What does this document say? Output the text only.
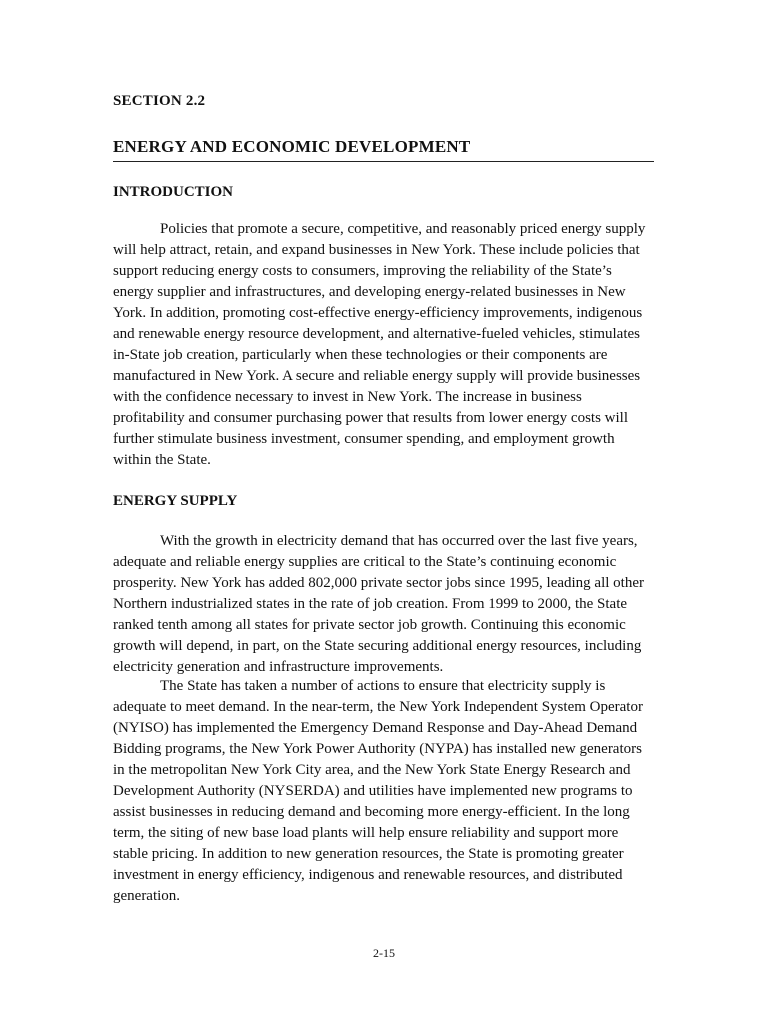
SECTION 2.2
ENERGY AND ECONOMIC DEVELOPMENT
INTRODUCTION

Policies that promote a secure, competitive, and reasonably priced energy supply
will help attract, retain, and expand businesses in New York. These include policies that
support reducing energy costs to consumers, improving the reliability of the State’s
energy supplier and infrastructures, and developing energy-related businesses in New
York. In addition, promoting cost-effective energy-efficiency improvements, indigenous
and renewable energy resource development, and alternative-fueled vehicles, stimulates
in-State job creation, particularly when these technologies or their components are
manufactured in New York. A secure and reliable energy supply will provide businesses
with the confidence necessary to invest in New York. The increase in business
profitability and consumer purchasing power that results from lower energy costs will
further stimulate business investment, consumer spending, and employment growth
within the State.

ENERGY SUPPLY

With the growth in electricity demand that has occurred over the last five years,
adequate and reliable energy supplies are critical to the State’s continuing economic
prosperity. New York has added 802,000 private sector jobs since 1995, leading all other
Northern industrialized states in the rate of job creation. From 1999 to 2000, the State
ranked tenth among all states for private sector job growth. Continuing this economic
growth will depend, in part, on the State securing additional energy resources, including
electricity generation and infrastructure improvements.

The State has taken a number of actions to ensure that electricity supply is
adequate to meet demand. In the near-term, the New York Independent System Operator
(NYISO) has implemented the Emergency Demand Response and Day-Ahead Demand
Bidding programs, the New York Power Authority (NYPA) has installed new generators
in the metropolitan New York City area, and the New York State Energy Research and
Development Authority (NYSERDA) and utilities have implemented new programs to
assist businesses in reducing demand and becoming more energy-efficient. In the long
term, the siting of new base load plants will help ensure reliability and support more
stable pricing. In addition to new generation resources, the State is promoting greater
investment in energy efficiency, indigenous and renewable resources, and distributed
generation.

2-15
